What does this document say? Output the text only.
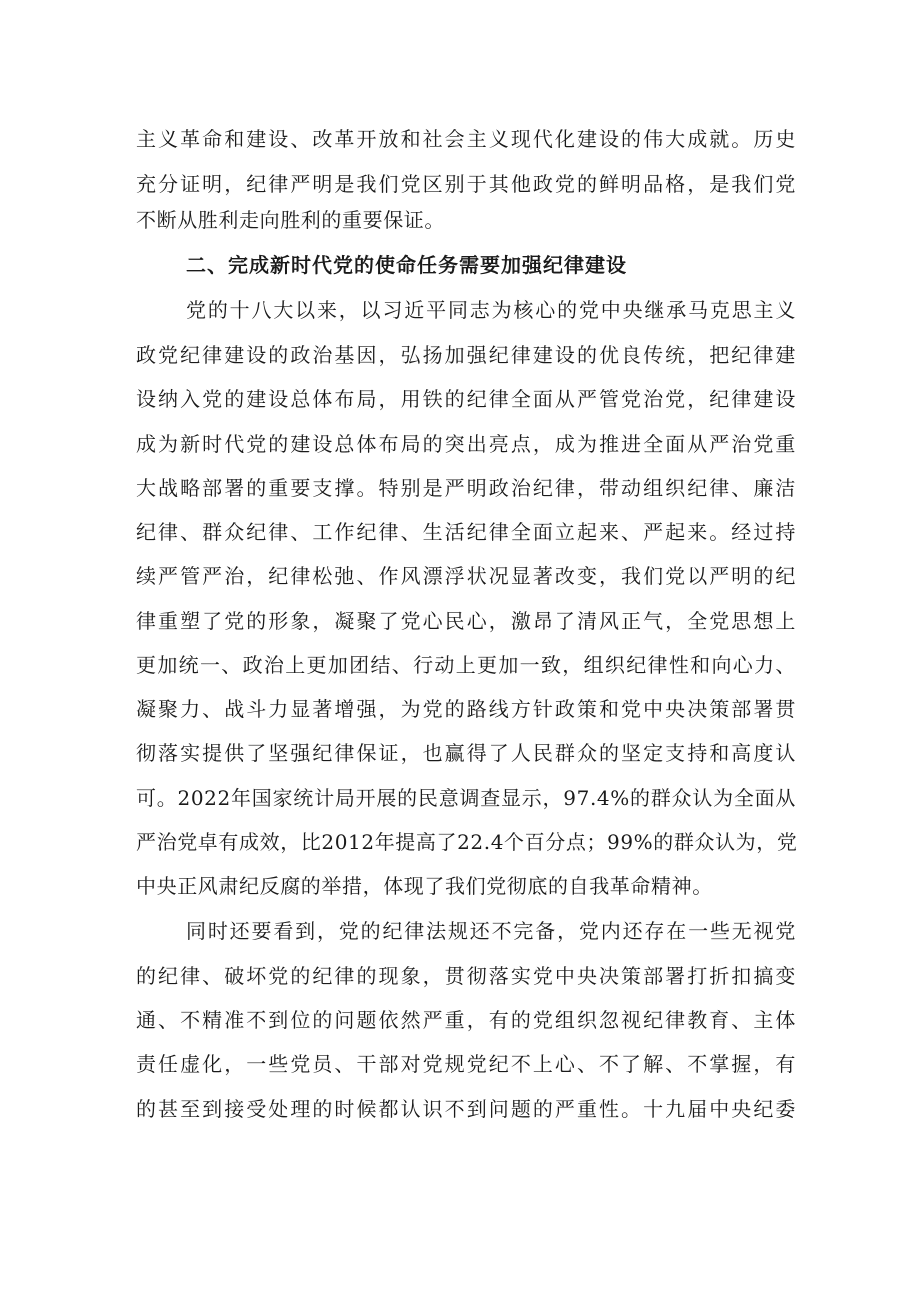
主义革命和建设、改革开放和社会主义现代化建设的伟大成就。历史
充分证明，纪律严明是我们党区别于其他政党的鲜明品格，是我们党
不断从胜利走向胜利的重要保证。
二、完成新时代党的使命任务需要加强纪律建设
党的十八大以来，以习近平同志为核心的党中央继承马克思主义
政党纪律建设的政治基因，弘扬加强纪律建设的优良传统，把纪律建
设纳入党的建设总体布局，用铁的纪律全面从严管党治党，纪律建设
成为新时代党的建设总体布局的突出亮点，成为推进全面从严治党重
大战略部署的重要支撑。特别是严明政治纪律，带动组织纪律、廉洁
纪律、群众纪律、工作纪律、生活纪律全面立起来、严起来。经过持
续严管严治，纪律松弛、作风漂浮状况显著改变，我们党以严明的纪
律重塑了党的形象，凝聚了党心民心，激昂了清风正气，全党思想上
更加统一、政治上更加团结、行动上更加一致，组织纪律性和向心力、
凝聚力、战斗力显著增强，为党的路线方针政策和党中央决策部署贯
彻落实提供了坚强纪律保证，也赢得了人民群众的坚定支持和高度认
可。2022年国家统计局开展的民意调查显示，97.4%的群众认为全面从
严治党卓有成效，比2012年提高了22.4个百分点；99%的群众认为，党
中央正风肃纪反腐的举措，体现了我们党彻底的自我革命精神。
同时还要看到，党的纪律法规还不完备，党内还存在一些无视党
的纪律、破坏党的纪律的现象，贯彻落实党中央决策部署打折扣搞变
通、不精准不到位的问题依然严重，有的党组织忽视纪律教育、主体
责任虚化，一些党员、干部对党规党纪不上心、不了解、不掌握，有
的甚至到接受处理的时候都认识不到问题的严重性。十九届中央纪委
